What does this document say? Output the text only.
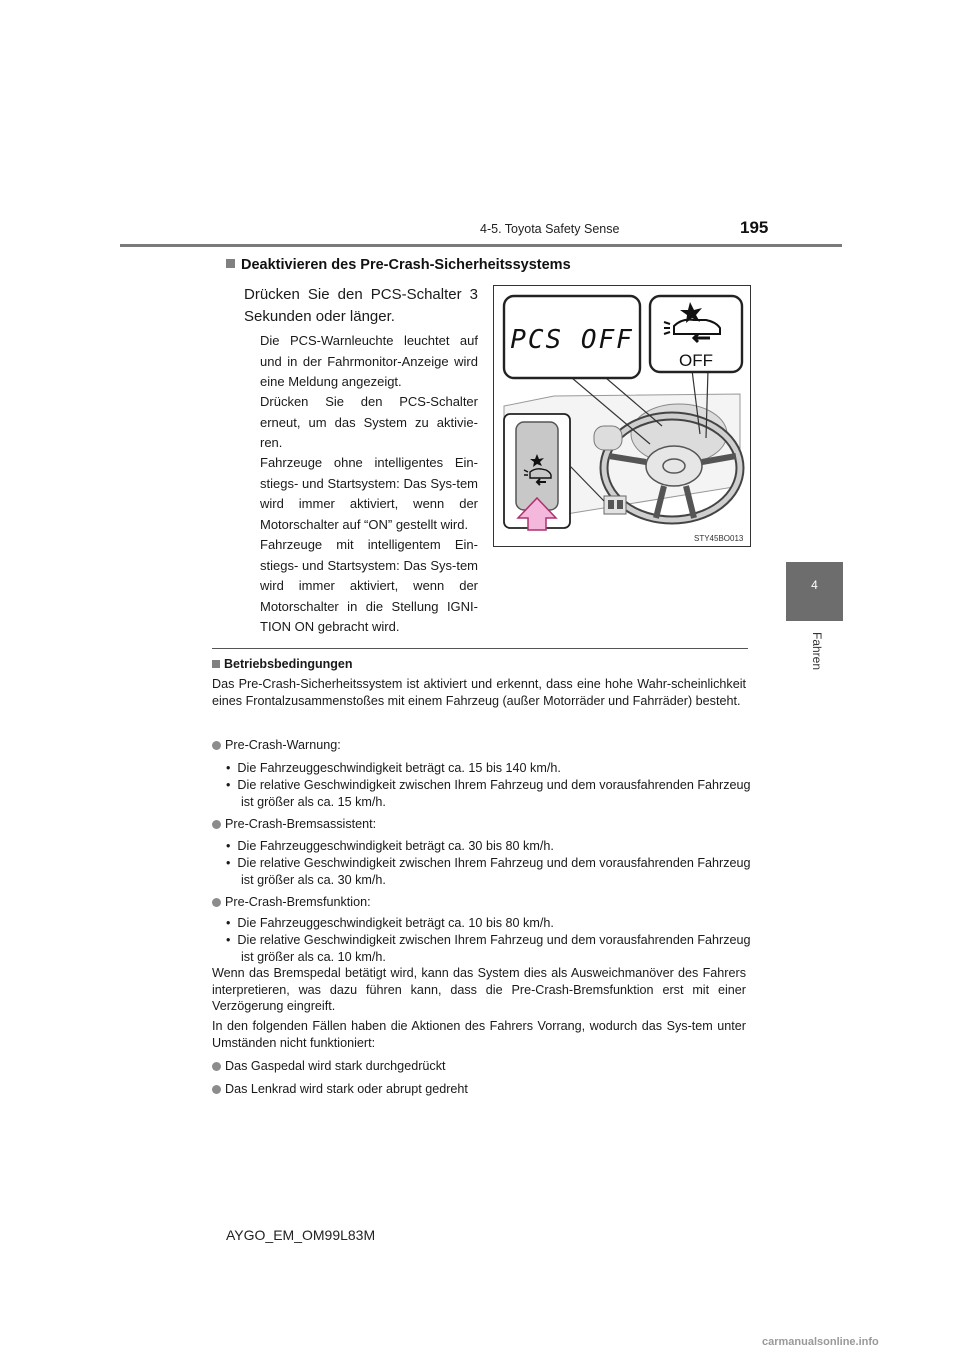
4-5. Toyota Safety Sense	195
4
Fahren
Deaktivieren des Pre-Crash-Sicherheitssystems
Drücken Sie den PCS-Schalter 3 Sekunden oder länger.
Die PCS-Warnleuchte leuchtet auf und in der Fahrmonitor-Anzeige wird eine Meldung angezeigt.
Drücken Sie den PCS-Schalter erneut, um das System zu aktivie-ren.
Fahrzeuge ohne intelligentes Ein-stiegs- und Startsystem: Das Sys-tem wird immer aktiviert, wenn der Motorschalter auf “ON” gestellt wird.
Fahrzeuge mit intelligentem Ein-stiegs- und Startsystem: Das Sys-tem wird immer aktiviert, wenn der Motorschalter in die Stellung IGNI-TION ON gebracht wird.
PCS OFF
OFF
STY45BO013
Betriebsbedingungen
Das Pre-Crash-Sicherheitssystem ist aktiviert und erkennt, dass eine hohe Wahr-scheinlichkeit eines Frontalzusammenstoßes mit einem Fahrzeug (außer Motorräder und Fahrräder) besteht.
Pre-Crash-Warnung:
•  Die Fahrzeuggeschwindigkeit beträgt ca. 15 bis 140 km/h.
•  Die relative Geschwindigkeit zwischen Ihrem Fahrzeug und dem vorausfahrenden Fahrzeug ist größer als ca. 15 km/h.
Pre-Crash-Bremsassistent:
•  Die Fahrzeuggeschwindigkeit beträgt ca. 30 bis 80 km/h.
•  Die relative Geschwindigkeit zwischen Ihrem Fahrzeug und dem vorausfahrenden Fahrzeug ist größer als ca. 30 km/h.
Pre-Crash-Bremsfunktion:
•  Die Fahrzeuggeschwindigkeit beträgt ca. 10 bis 80 km/h.
•  Die relative Geschwindigkeit zwischen Ihrem Fahrzeug und dem vorausfahrenden Fahrzeug ist größer als ca. 10 km/h.
Wenn das Bremspedal betätigt wird, kann das System dies als Ausweichmanöver des Fahrers interpretieren, was dazu führen kann, dass die Pre-Crash-Bremsfunktion erst mit einer Verzögerung eingreift.
In den folgenden Fällen haben die Aktionen des Fahrers Vorrang, wodurch das Sys-tem unter Umständen nicht funktioniert:
Das Gaspedal wird stark durchgedrückt
Das Lenkrad wird stark oder abrupt gedreht
AYGO_EM_OM99L83M
carmanualsonline.info
